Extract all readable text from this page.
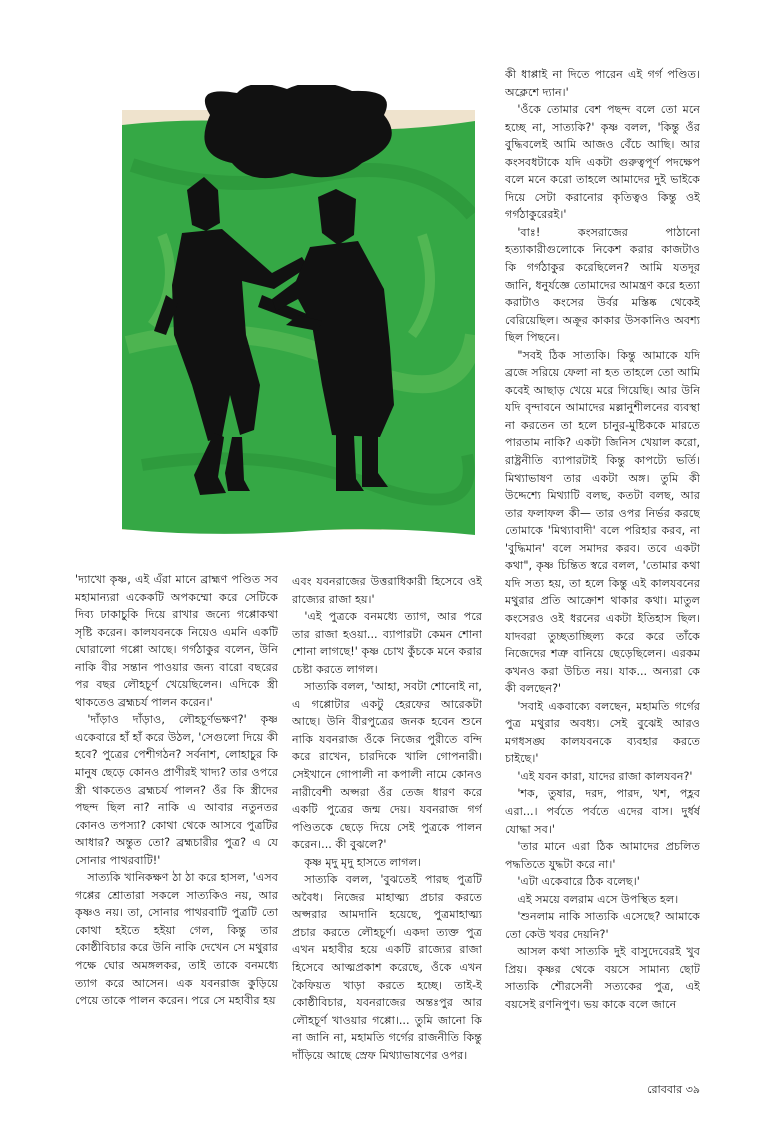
'দ্যাখো কৃষ্ণ, এই এঁরা মানে ব্রাহ্মণ পণ্ডিত সব মহামান্যরা একেকটি অপকম্মো করে সেটিকে দিব্য ঢাকাচুকি দিয়ে রাখার জন্যে গপ্পোকথা সৃষ্টি করেন। কালযবনকে নিয়েও এমনি একটি ঘোরালো গপ্পো আছে। গর্গঠাকুর বলেন, উনি নাকি বীর সন্তান পাওয়ার জন্য বারো বছরের পর বছর লৌহচূর্ণ খেয়েছিলেন। এদিকে স্ত্রী থাকতেও ব্রহ্মচর্য পালন করেন।'

'দাঁড়াও দাঁড়াও, লৌহচূর্ণভক্ষণ?' কৃষ্ণ একেবারে হাঁ হাঁ করে উঠল, 'সেগুলো দিয়ে কী হবে? পুত্রের পেশীগঠন? সর্বনাশ, লোহাচুর কি মানুষ ছেড়ে কোনও প্রাণীরই খাদ্য? তার ওপরে স্ত্রী থাকতেও ব্রহ্মচর্য পালন? ওঁর কি স্ত্রীদের পছন্দ ছিল না? নাকি এ আবার নতুনতর কোনও তপস্যা? কোথা থেকে আসবে পুত্রটির আধার? অন্তুত তো? ব্রহ্মচারীর পুত্র? এ যে সোনার পাথরবাটি!'

সাত্যকি খানিকক্ষণ ঠা ঠা করে হাসল, 'এসব গপ্পের শ্রোতারা সকলে সাত্যকিও নয়, আর কৃষ্ণও নয়। তা, সোনার পাথরবাটি পুত্রটি তো কোথা হইতে হইয়া গেল, কিন্তু তার কোষ্ঠীবিচার করে উনি নাকি দেখেন সে মথুরার পক্ষে ঘোর অমঙ্গলকর, তাই তাকে বনমধ্যে ত্যাগ করে আসেন। এক যবনরাজ কুড়িয়ে পেয়ে তাকে পালন করেন। পরে সে মহাবীর হয়

এবং যবনরাজের উত্তরাধিকারী হিসেবে ওই রাজ্যের রাজা হয়।'

'এই পুত্রকে বনমধ্যে ত্যাগ, আর পরে তার রাজা হওয়া... ব্যাপারটা কেমন শোনা শোনা লাগছে!' কৃষ্ণ চোখ কুঁচকে মনে করার চেষ্টা করতে লাগল।

সাত্যকি বলল, 'আহা, সবটা শোনোই না, এ গপ্পোটার একটু হেরফের আরেকটা আছে। উনি বীরপুত্রের জনক হবেন শুনে নাকি যবনরাজ ওঁকে নিজের পুরীতে বন্দি করে রাখেন, চারদিকে খালি গোপনারী। সেইখানে গোপালী না কপালী নামে কোনও নারীবেশী অপ্সরা ওঁর তেজ ধারণ করে একটি পুত্রের জন্ম দেয়। যবনরাজ গর্গ পণ্ডিতকে ছেড়ে দিয়ে সেই পুত্রকে পালন করেন।... কী বুঝলে?'

কৃষ্ণ মৃদু মৃদু হাসতে লাগল।

সাত্যকি বলল, 'বুঝতেই পারছ পুত্রটি অবৈধ। নিজের মাহাত্ম্য প্রচার করতে অপ্সরার আমদানি হয়েছে, পুত্রমাহাত্ম্য প্রচার করতে লৌহচূর্ণ। একদা ত্যক্ত পুত্র এখন মহাবীর হয়ে একটি রাজ্যের রাজা হিসেবে আত্মপ্রকাশ করেছে, ওঁকে এখন কৈফিয়ত খাড়া করতে হচ্ছে। তাই-ই কোষ্ঠীবিচার, যবনরাজের অন্তঃপুর আর লৌহচূর্ণ খাওয়ার গপ্পো।... তুমি জানো কি না জানি না, মহামতি গর্গের রাজনীতি কিন্তু দাঁড়িয়ে আছে স্রেফ মিথ্যাভাষণের ওপর।

কী ধাপ্পাই না দিতে পারেন এই গর্গ পণ্ডিত। অক্লেশে দ্যান।'

'ওঁকে তোমার বেশ পছন্দ বলে তো মনে হচ্ছে না, সাত্যকি?' কৃষ্ণ বলল, 'কিন্তু ওঁর বুদ্ধিবলেই আমি আজও বেঁচে আছি। আর কংসবধটাকে যদি একটা গুরুত্বপূর্ণ পদক্ষেপ বলে মনে করো তাহলে আমাদের দুই ভাইকে দিয়ে সেটা করানোর কৃতিত্বও কিন্তু ওই গর্গঠাকুরেরই।'

'বাঃ! কংসরাজের পাঠানো হত্যাকারীগুলোকে নিকেশ করার কাজটাও কি গর্গঠাকুর করেছিলেন? আমি যতদূর জানি, ধনুর্যজ্ঞে তোমাদের আমন্ত্রণ করে হত্যা করাটাও কংসের উর্বর মস্তিষ্ক থেকেই বেরিয়েছিল। অক্রূর কাকার উসকানিও অবশ্য ছিল পিছনে।

"সবই ঠিক সাত্যকি। কিন্তু আমাকে যদি ব্রজে সরিয়ে ফেলা না হত তাহলে তো আমি কবেই আছাড় খেয়ে মরে গিয়েছি। আর উনি যদি বৃন্দাবনে আমাদের মল্লানুশীলনের ব্যবস্থা না করতেন তা হলে চানুর-মুষ্টিককে মারতে পারতাম নাকি? একটা জিনিস খেয়াল করো, রাষ্ট্রনীতি ব্যাপারটাই কিন্তু কাপট্যে ভর্তি। মিথ্যাভাষণ তার একটা অঙ্গ। তুমি কী উদ্দেশ্যে মিথ্যাটি বলছ, কতটা বলছ, আর তার ফলাফল কী— তার ওপর নির্ভর করছে তোমাকে 'মিথ্যাবাদী' বলে পরিহার করব, না 'বুদ্ধিমান' বলে সমাদর করব। তবে একটা কথা", কৃষ্ণ চিন্তিত স্বরে বলল, 'তোমার কথা যদি সত্য হয়, তা হলে কিন্তু এই কালযবনের মথুরার প্রতি আক্রোশ থাকার কথা। মাতুল কংসেরও ওই ধরনের একটা ইতিহাস ছিল। যাদবরা তুচ্ছতাচ্ছিল্য করে করে তাঁকে নিজেদের শত্রু বানিয়ে ছেড়েছিলেন। এরকম কখনও করা উচিত নয়। যাক... অন্যরা কে কী বলছেন?'

'সবাই একবাক্যে বলছেন, মহামতি গর্গের পুত্র মথুরার অবধ্য। সেই বুঝেই আরও মগধসঙ্ঘ কালযবনকে ব্যবহার করতে চাইছে।'

'এই যবন কারা, যাদের রাজা কালযবন?'

'শক, তুষার, দরদ, পারদ, খশ, পহ্লব এরা...। পর্বতে পর্বতে এদের বাস। দুর্ধর্ষ যোদ্ধা সব।'

'তার মানে এরা ঠিক আমাদের প্রচলিত পদ্ধতিতে যুদ্ধটা করে না।'

'এটা একেবারে ঠিক বলেছ।'

এই সময়ে বলরাম এসে উপস্থিত হল।

'শুনলাম নাকি সাত্যকি এসেছে? আমাকে তো কেউ খবর দেয়নি?'

আসল কথা সাত্যকি দুই বাসুদেবেরই খুব প্রিয়। কৃষ্ণর থেকে বয়সে সামান্য ছোট সাত্যকি শৌরসেনী সত্যকের পুত্র, এই বয়সেই রণনিপুণ। ভয় কাকে বলে জানে

রোববার ৩৯
